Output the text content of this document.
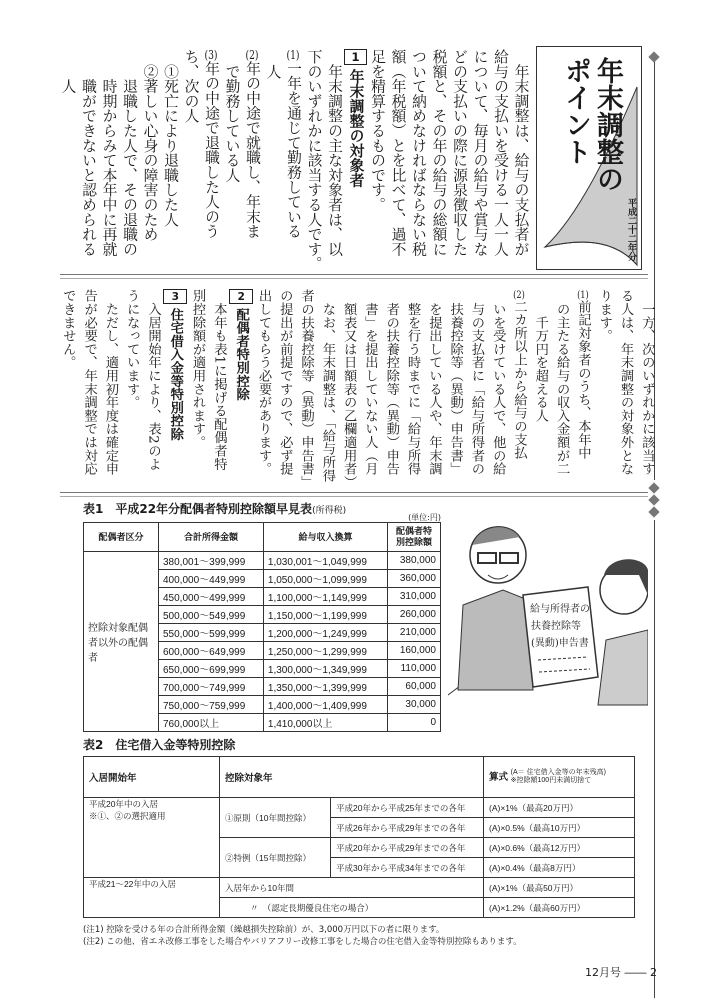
年末調整の
ポイント
平成二十二年分
　年末調整は、給与の支払者が
給与の支払いを受ける一人一人
について、毎月の給与や賞与な
どの支払いの際に源泉徴収した
税額と、その年の給与の総額に
ついて納めなければならない税
額（年税額）とを比べて、過不
足を精算するものです。
1年末調整の対象者
　年末調整の主な対象者は、以
下のいずれかに該当する人です。
(1)一年を通じて勤務している
　人
(2)年の中途で就職し、年末ま
　で勤務している人
(3)年の中途で退職した人のう
ち、次の人
　①死亡により退職した人
　②著しい心身の障害のため
　　退職した人で、その退職の
　　時期からみて本年中に再就
　　職ができないと認められる
　　人
　一方、次のいずれかに該当す
る人は、年末調整の対象外とな
ります。
(1)前記対象者のうち、本年中
　の主たる給与の収入金額が二
　　千万円を超える人
(2)二カ所以上から給与の支払
　いを受けている人で、他の給
　与の支払者に「給与所得者の
　扶養控除等（異動）申告書」
　を提出している人や、年末調
　整を行う時までに「給与所得
　者の扶養控除等（異動）申告
　書」を提出していない人（月
　額表又は日額表の乙欄適用者）
　なお、年末調整は、「給与所得
者の扶養控除等（異動）申告書」
の提出が前提ですので、必ず提
出してもらう必要があります。
2配偶者特別控除
　本年も表1に掲げる配偶者特
別控除額が適用されます。
3住宅借入金等特別控除
　入居開始年により、表2のよ
うになっています。
　ただし、適用初年度は確定申
告が必要で、年末調整では対応
できません。
表1　平成22年分配偶者特別控除額早見表(所得税)
(単位:円)
配偶者区分	合計所得金額	給与収入換算	配偶者特別控除額
控除対象配偶者以外の配偶者	380,001～399,999	1,030,001～1,049,999	380,000
	400,000～449,999	1,050,000～1,099,999	360,000
	450,000～499,999	1,100,000～1,149,999	310,000
	500,000～549,999	1,150,000～1,199,999	260,000
	550,000～599,999	1,200,000～1,249,999	210,000
	600,000～649,999	1,250,000～1,299,999	160,000
	650,000～699,999	1,300,000～1,349,999	110,000
	700,000～749,999	1,350,000～1,399,999	60,000
	750,000～759,999	1,400,000～1,409,999	30,000
	760,000以上	1,410,000以上	0
給与所得者の
扶養控除等
(異動)申告書
表2　住宅借入金等特別控除
入居開始年	控除対象年		算式 (A＝ 住宅借入金等の年末残高)
※控除額100円未満切捨て

平成20年中の入居
※①、②の選択適用	①原則（10年間控除）	平成20年から平成25年までの各年	(A)×1%（最高20万円）
		平成26年から平成29年までの各年	(A)×0.5%（最高10万円）
	②特例（15年間控除）	平成20年から平成29年までの各年	(A)×0.6%（最高12万円）
		平成30年から平成34年までの各年	(A)×0.4%（最高8万円）
平成21～22年中の入居	入居年から10年間		(A)×1%（最高50万円）
	〃　（認定長期優良住宅の場合）		(A)×1.2%（最高60万円）
(注1) 控除を受ける年の合計所得金額（繰越損失控除前）が、3,000万円以下の者に限ります。
(注2) この他、省エネ改修工事をした場合やバリアフリー改修工事をした場合の住宅借入金等特別控除もあります。
12月号 ―― 2
